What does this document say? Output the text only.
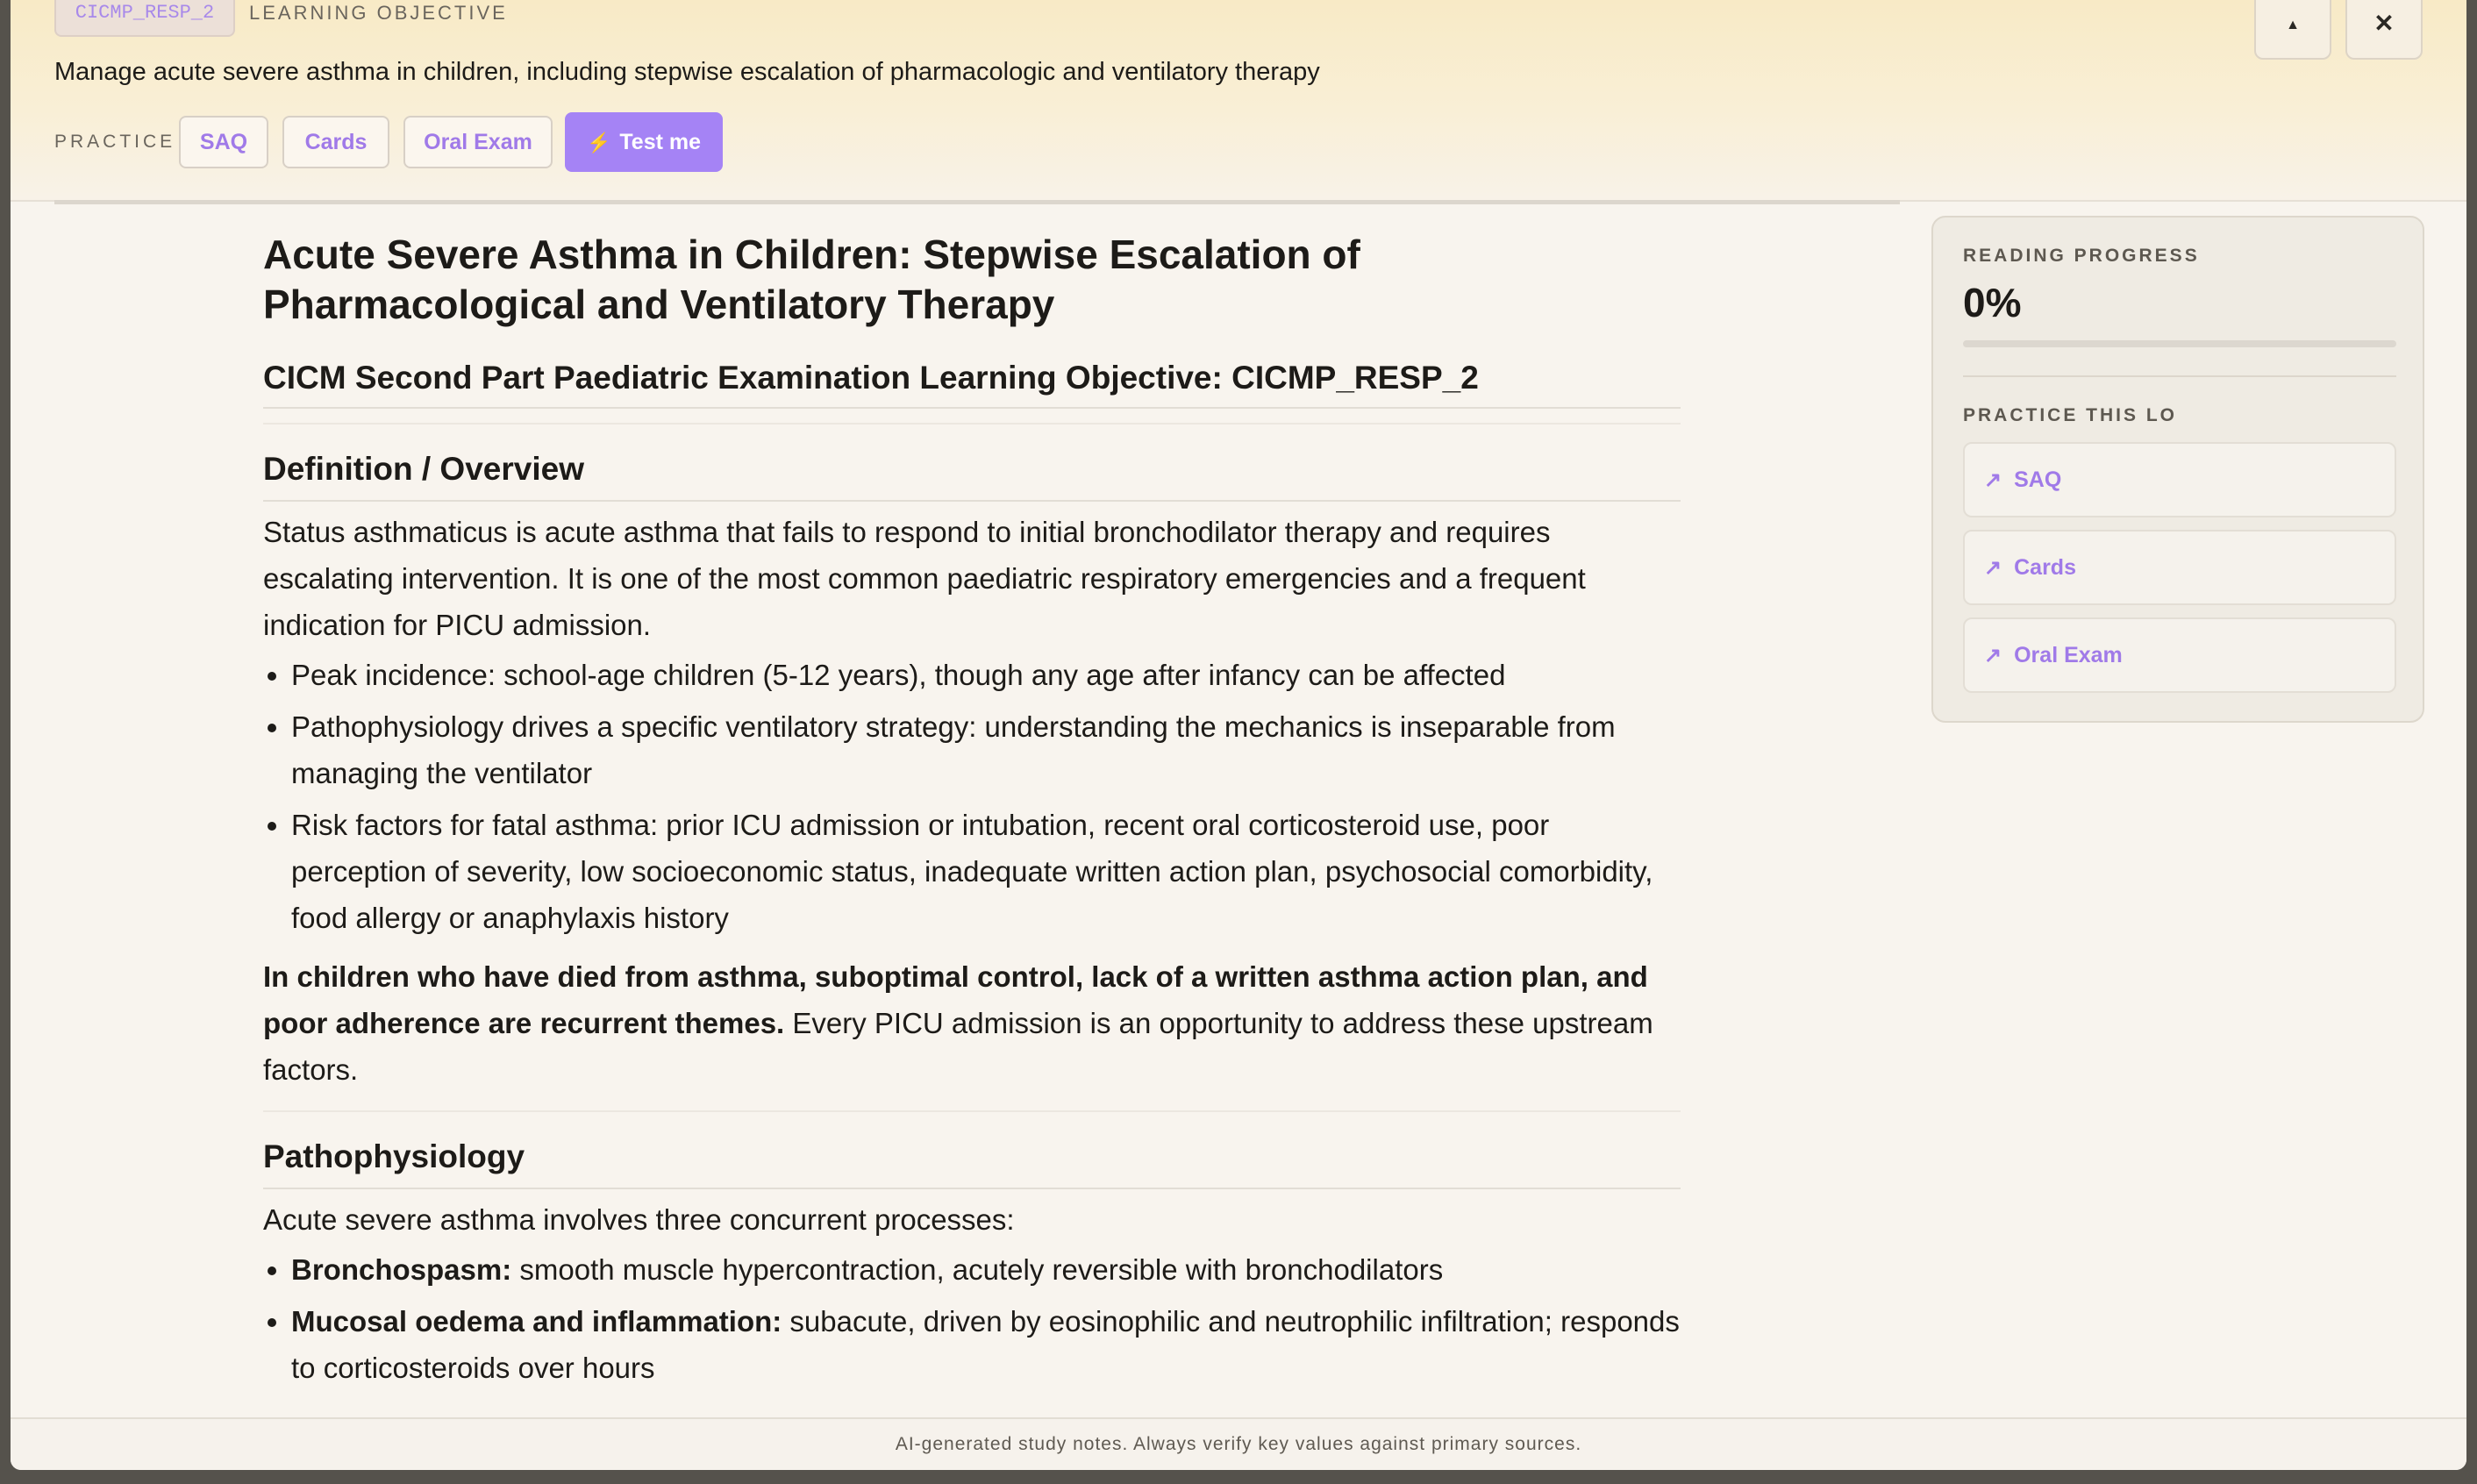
CICMP_RESP_2	LEARNING OBJECTIVE
Manage acute severe asthma in children, including stepwise escalation of pharmacologic and ventilatory therapy
PRACTICE	SAQ	Cards	Oral Exam	⚡ Test me
▲	✕
Acute Severe Asthma in Children: Stepwise Escalation of Pharmacological and Ventilatory Therapy
CICM Second Part Paediatric Examination Learning Objective: CICMP_RESP_2
Definition / Overview

Status asthmaticus is acute asthma that fails to respond to initial bronchodilator therapy and requires escalating intervention. It is one of the most common paediatric respiratory emergencies and a frequent indication for PICU admission.

• Peak incidence: school-age children (5-12 years), though any age after infancy can be affected
• Pathophysiology drives a specific ventilatory strategy: understanding the mechanics is inseparable from managing the ventilator
• Risk factors for fatal asthma: prior ICU admission or intubation, recent oral corticosteroid use, poor perception of severity, low socioeconomic status, inadequate written action plan, psychosocial comorbidity, food allergy or anaphylaxis history

In children who have died from asthma, suboptimal control, lack of a written asthma action plan, and poor adherence are recurrent themes. Every PICU admission is an opportunity to address these upstream factors.

Pathophysiology

Acute severe asthma involves three concurrent processes:

• Bronchospasm: smooth muscle hypercontraction, acutely reversible with bronchodilators
• Mucosal oedema and inflammation: subacute, driven by eosinophilic and neutrophilic infiltration; responds to corticosteroids over hours
READING PROGRESS
0%
PRACTICE THIS LO
↗ SAQ
↗ Cards
↗ Oral Exam
AI-generated study notes. Always verify key values against primary sources.
